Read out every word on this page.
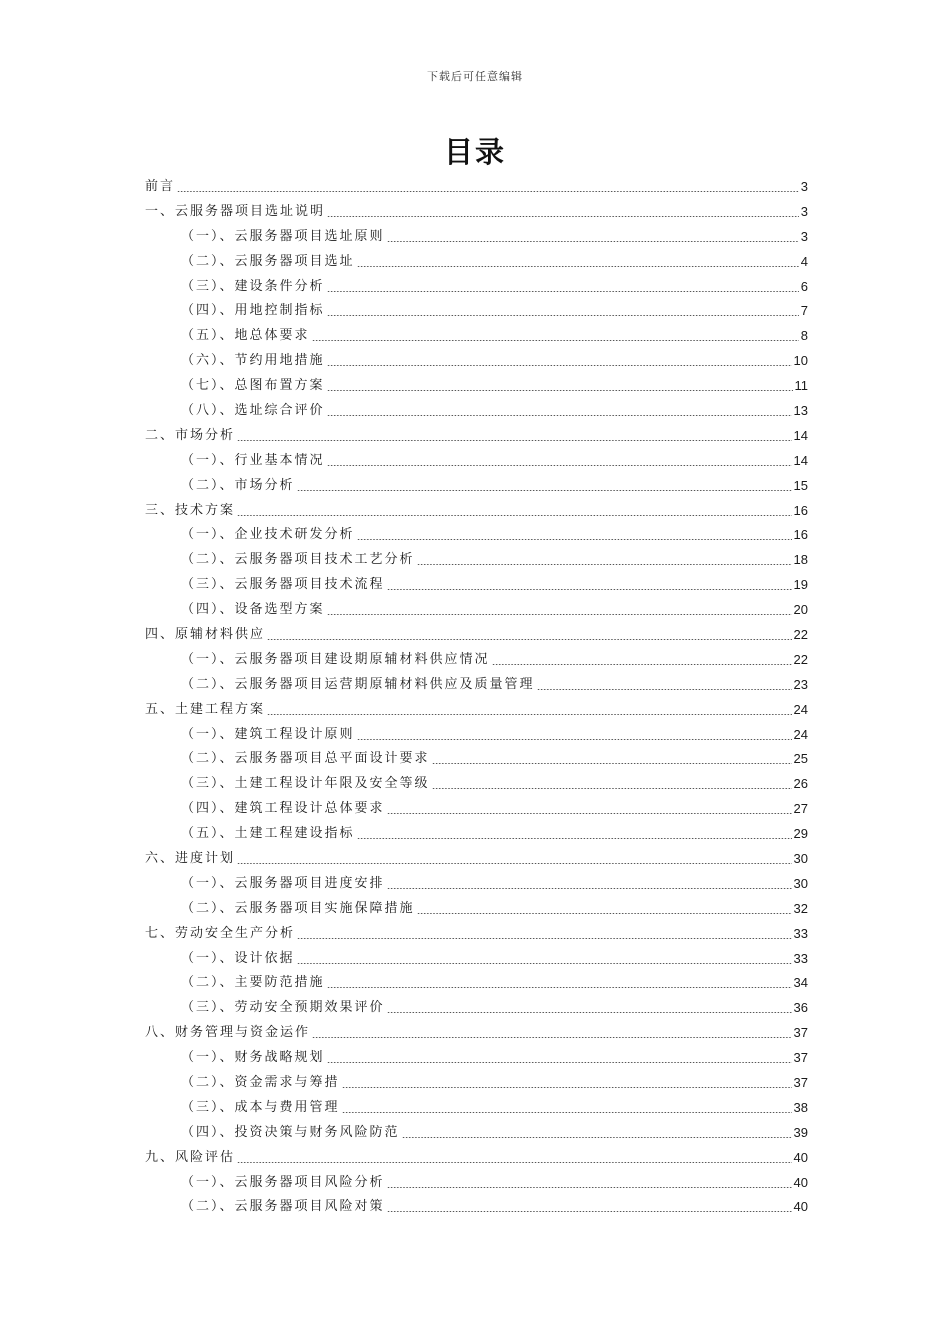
下载后可任意编辑
目录
前言	3
一、云服务器项目选址说明	3
（一）、云服务器项目选址原则	3
（二）、云服务器项目选址	4
（三）、建设条件分析	6
（四）、用地控制指标	7
（五）、地总体要求	8
（六）、节约用地措施	10
（七）、总图布置方案	11
（八）、选址综合评价	13
二、市场分析	14
（一）、行业基本情况	14
（二）、市场分析	15
三、技术方案	16
（一）、企业技术研发分析	16
（二）、云服务器项目技术工艺分析	18
（三）、云服务器项目技术流程	19
（四）、设备选型方案	20
四、原辅材料供应	22
（一）、云服务器项目建设期原辅材料供应情况	22
（二）、云服务器项目运营期原辅材料供应及质量管理	23
五、土建工程方案	24
（一）、建筑工程设计原则	24
（二）、云服务器项目总平面设计要求	25
（三）、土建工程设计年限及安全等级	26
（四）、建筑工程设计总体要求	27
（五）、土建工程建设指标	29
六、进度计划	30
（一）、云服务器项目进度安排	30
（二）、云服务器项目实施保障措施	32
七、劳动安全生产分析	33
（一）、设计依据	33
（二）、主要防范措施	34
（三）、劳动安全预期效果评价	36
八、财务管理与资金运作	37
（一）、财务战略规划	37
（二）、资金需求与筹措	37
（三）、成本与费用管理	38
（四）、投资决策与财务风险防范	39
九、风险评估	40
（一）、云服务器项目风险分析	40
（二）、云服务器项目风险对策	40
